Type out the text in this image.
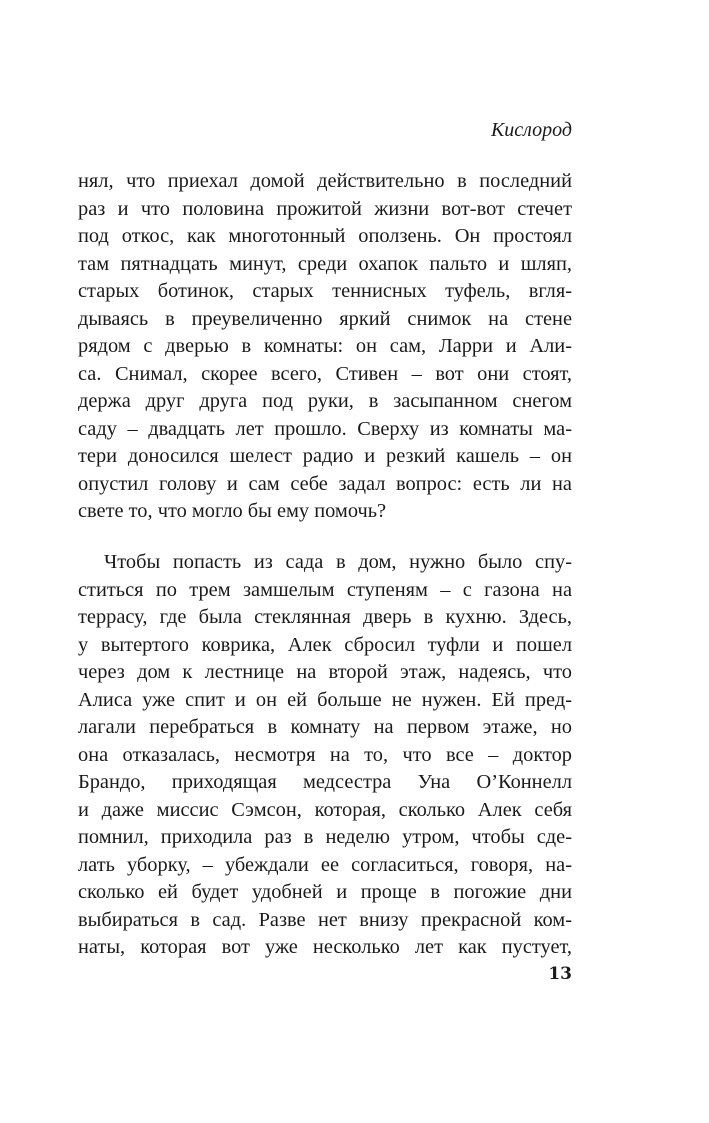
Кислород
нял, что приехал домой действительно в последний
раз и что половина прожитой жизни вот-вот стечет
под откос, как многотонный оползень. Он простоял
там пятнадцать минут, среди охапок пальто и шляп,
старых ботинок, старых теннисных туфель, вгля-
дываясь в преувеличенно яркий снимок на стене
рядом с дверью в комнаты: он сам, Ларри и Али-
са. Снимал, скорее всего, Стивен – вот они стоят,
держа друг друга под руки, в засыпанном снегом
саду – двадцать лет прошло. Сверху из комнаты ма-
тери доносился шелест радио и резкий кашель – он
опустил голову и сам себе задал вопрос: есть ли на
свете то, что могло бы ему помочь?
Чтобы попасть из сада в дом, нужно было спу-
ститься по трем замшелым ступеням – с газона на
террасу, где была стеклянная дверь в кухню. Здесь,
у вытертого коврика, Алек сбросил туфли и пошел
через дом к лестнице на второй этаж, надеясь, что
Алиса уже спит и он ей больше не нужен. Ей пред-
лагали перебраться в комнату на первом этаже, но
она отказалась, несмотря на то, что все – доктор
Брандо, приходящая медсестра Уна О’Коннелл
и даже миссис Сэмсон, которая, сколько Алек себя
помнил, приходила раз в неделю утром, чтобы сде-
лать уборку, – убеждали ее согласиться, говоря, на-
сколько ей будет удобней и проще в погожие дни
выбираться в сад. Разве нет внизу прекрасной ком-
наты, которая вот уже несколько лет как пустует,
13
